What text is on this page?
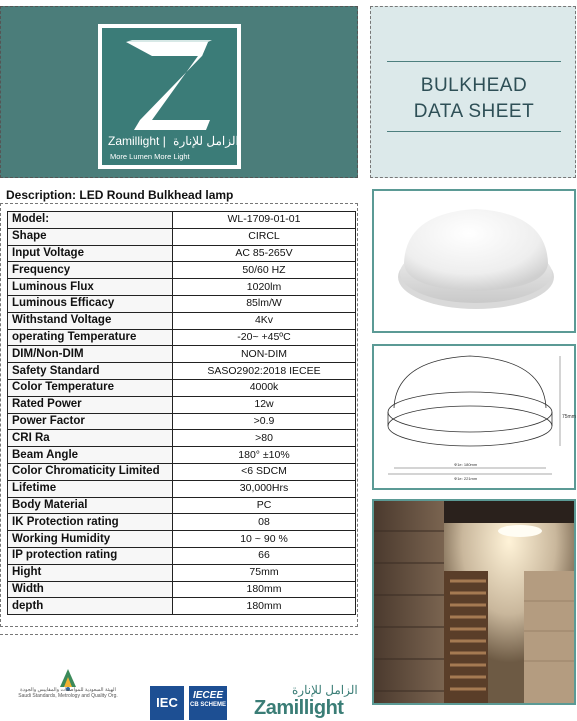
Zamillight | الزامل للإنارة
More Lumen More Light
BULKHEAD
DATA SHEET
Description: LED Round Bulkhead lamp
Model:	WL-1709-01-01
Shape	CIRCL
Input Voltage	AC 85-265V
Frequency	50/60 HZ
Luminous Flux	1020lm
Luminous Efficacy	85lm/W
Withstand Voltage	4Kv
operating Temperature	-20~ +45ºC
DIM/Non-DIM	NON-DIM
Safety Standard	SASO2902:2018 IECEE
Color Temperature	4000k
Rated Power	12w
Power Factor	>0.9
CRI Ra	>80
Beam Angle	180° ±10%
Color Chromaticity Limited	<6 SDCM
Lifetime	30,000Hrs
Body Material	PC
IK Protection rating	08
Working Humidity	10 ~ 90 %
IP protection rating	66
Hight	75mm
Width	180mm
depth	180mm
75mm
Φ1e: 180mm
Φ1e: 221mm
الهيئة السعودية للمواصفات والمقاييس والجودة Saudi Standards, Metrology and Quality Org.	IEC	IECEE
CB SCHEME
الزامل للإنارة
Zamillight
